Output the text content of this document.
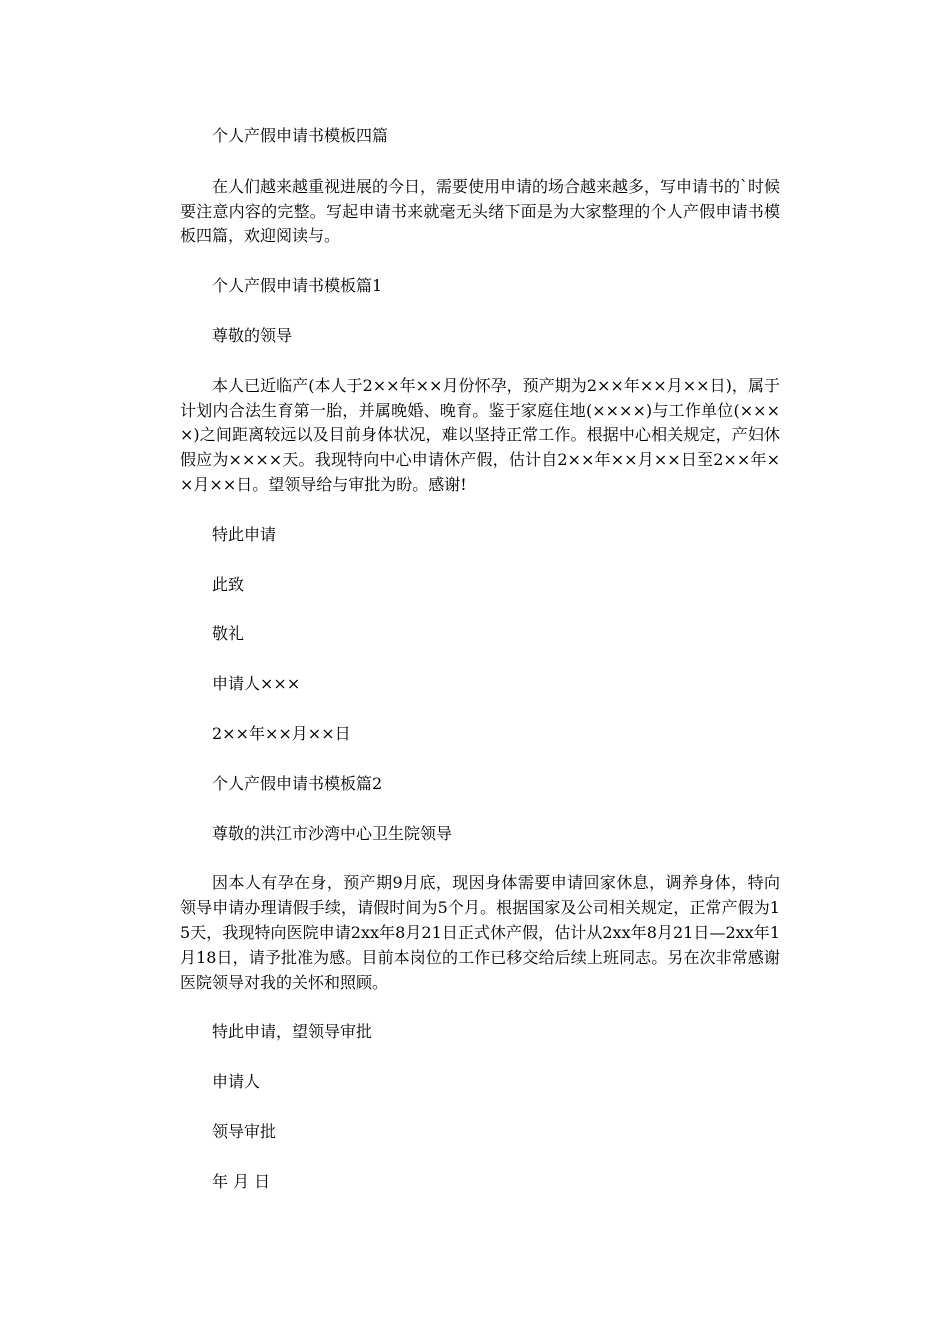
个人产假申请书模板四篇

在人们越来越重视进展的今日，需要使用申请的场合越来越多，写申请书的`时候要注意内容的完整。写起申请书来就毫无头绪下面是为大家整理的个人产假申请书模板四篇，欢迎阅读与。

个人产假申请书模板篇1

尊敬的领导

本人已近临产(本人于2××年××月份怀孕，预产期为2××年××月××日)，属于计划内合法生育第一胎，并属晚婚、晚育。鉴于家庭住地(××××)与工作单位(××××)之间距离较远以及目前身体状况，难以坚持正常工作。根据中心相关规定，产妇休假应为××××天。我现特向中心申请休产假，估计自2××年××月××日至2××年××月××日。望领导给与审批为盼。感谢!

特此申请

此致

敬礼

申请人×××

2××年××月××日

个人产假申请书模板篇2

尊敬的洪江市沙湾中心卫生院领导

因本人有孕在身，预产期9月底，现因身体需要申请回家休息，调养身体，特向领导申请办理请假手续，请假时间为5个月。根据国家及公司相关规定，正常产假为15天，我现特向医院申请2xx年8月21日正式休产假，估计从2xx年8月21日—2xx年1月18日，请予批准为感。目前本岗位的工作已移交给后续上班同志。另在次非常感谢医院领导对我的关怀和照顾。

特此申请，望领导审批

申请人

领导审批

年 月 日
